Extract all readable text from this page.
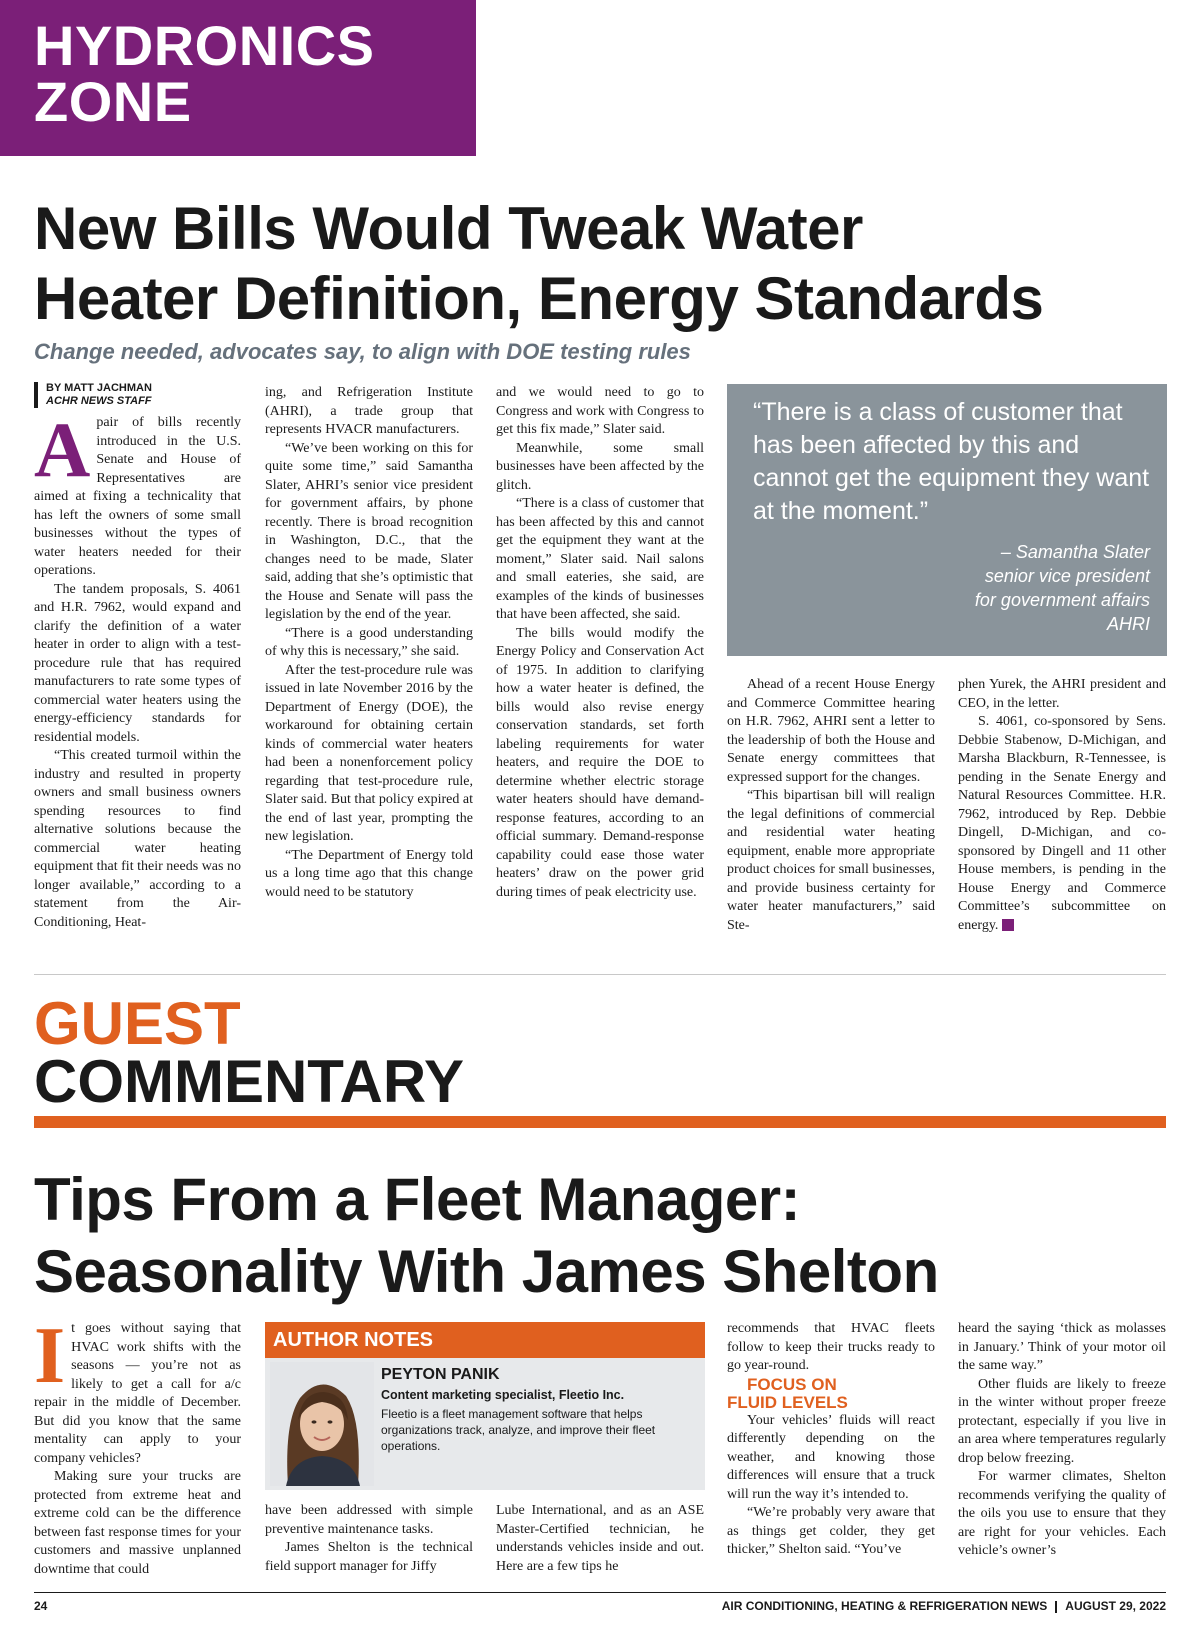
HYDRONICS
ZONE
New Bills Would Tweak Water
Heater Definition, Energy Standards

Change needed, advocates say, to align with DOE testing rules

BY MATT JACHMAN
ACHR NEWS STAFF

Apair of bills recently introduced in the U.S. Senate and House of Representatives are aimed at fixing a technicality that has left the owners of some small businesses without the types of water heaters needed for their operations.

The tandem proposals, S. 4061 and H.R. 7962, would expand and clarify the definition of a water heater in order to align with a test-procedure rule that has required manufacturers to rate some types of commercial water heaters using the energy-efficiency standards for residential models.

“This created turmoil within the industry and resulted in property owners and small business owners spending resources to find alternative solutions because the commercial water heating equipment that fit their needs was no longer available,” according to a statement from the Air-Conditioning, Heat-

ing, and Refrigeration Institute (AHRI), a trade group that represents HVACR manufacturers.

“We’ve been working on this for quite some time,” said Samantha Slater, AHRI’s senior vice president for government affairs, by phone recently. There is broad recognition in Washington, D.C., that the changes need to be made, Slater said, adding that she’s optimistic that the House and Senate will pass the legislation by the end of the year.

“There is a good understanding of why this is necessary,” she said.

After the test-procedure rule was issued in late November 2016 by the Department of Energy (DOE), the workaround for obtaining certain kinds of commercial water heaters had been a nonenforcement policy regarding that test-procedure rule, Slater said. But that policy expired at the end of last year, prompting the new legislation.

“The Department of Energy told us a long time ago that this change would need to be statutory

and we would need to go to Congress and work with Congress to get this fix made,” Slater said.

Meanwhile, some small businesses have been affected by the glitch.

“There is a class of customer that has been affected by this and cannot get the equipment they want at the moment,” Slater said. Nail salons and small eateries, she said, are examples of the kinds of businesses that have been affected, she said.

The bills would modify the Energy Policy and Conservation Act of 1975. In addition to clarifying how a water heater is defined, the bills would also revise energy conservation standards, set forth labeling requirements for water heaters, and require the DOE to determine whether electric storage water heaters should have demand-response features, according to an official summary. Demand-response capability could ease those water heaters’ draw on the power grid during times of peak electricity use.

“There is a class of customer that has been affected by this and cannot get the equipment they want at the moment.”

– Samantha Slater
senior vice president
for government affairs
AHRI

Ahead of a recent House Energy and Commerce Committee hearing on H.R. 7962, AHRI sent a letter to the leadership of both the House and Senate energy committees that expressed support for the changes.

“This bipartisan bill will realign the legal definitions of commercial and residential water heating equipment, enable more appropriate product choices for small businesses, and provide business certainty for water heater manufacturers,” said Ste-

phen Yurek, the AHRI president and CEO, in the letter.

S. 4061, co-sponsored by Sens. Debbie Stabenow, D-Michigan, and Marsha Blackburn, R-Tennessee, is pending in the Senate Energy and Natural Resources Committee. H.R. 7962, introduced by Rep. Debbie Dingell, D-Michigan, and co-sponsored by Dingell and 11 other House members, is pending in the House Energy and Commerce Committee’s subcommittee on energy. N

GUEST

COMMENTARY

Tips From a Fleet Manager:
Seasonality With James Shelton

It goes without saying that HVAC work shifts with the seasons — you’re not as likely to get a call for a/c repair in the middle of December. But did you know that the same mentality can apply to your company vehicles?

Making sure your trucks are protected from extreme heat and extreme cold can be the difference between fast response times for your customers and massive unplanned downtime that could

AUTHOR NOTES

PEYTON PANIK

Content marketing specialist, Fleetio Inc.

Fleetio is a fleet management software that helps organizations track, analyze, and improve their fleet operations.

have been addressed with simple preventive maintenance tasks.

James Shelton is the technical field support manager for Jiffy

Lube International, and as an ASE Master-Certified technician, he understands vehicles inside and out. Here are a few tips he

recommends that HVAC fleets follow to keep their trucks ready to go year-round.

FOCUS ON
FLUID LEVELS

Your vehicles’ fluids will react differently depending on the weather, and knowing those differences will ensure that a truck will run the way it’s intended to.

“We’re probably very aware that as things get colder, they get thicker,” Shelton said. “You’ve

heard the saying ‘thick as molasses in January.’ Think of your motor oil the same way.”

Other fluids are likely to freeze in the winter without proper freeze protectant, especially if you live in an area where temperatures regularly drop below freezing.

For warmer climates, Shelton recommends verifying the quality of the oils you use to ensure that they are right for your vehicles. Each vehicle’s owner’s

24	AIR CONDITIONING, HEATING & REFRIGERATION NEWS AUGUST 29, 2022
